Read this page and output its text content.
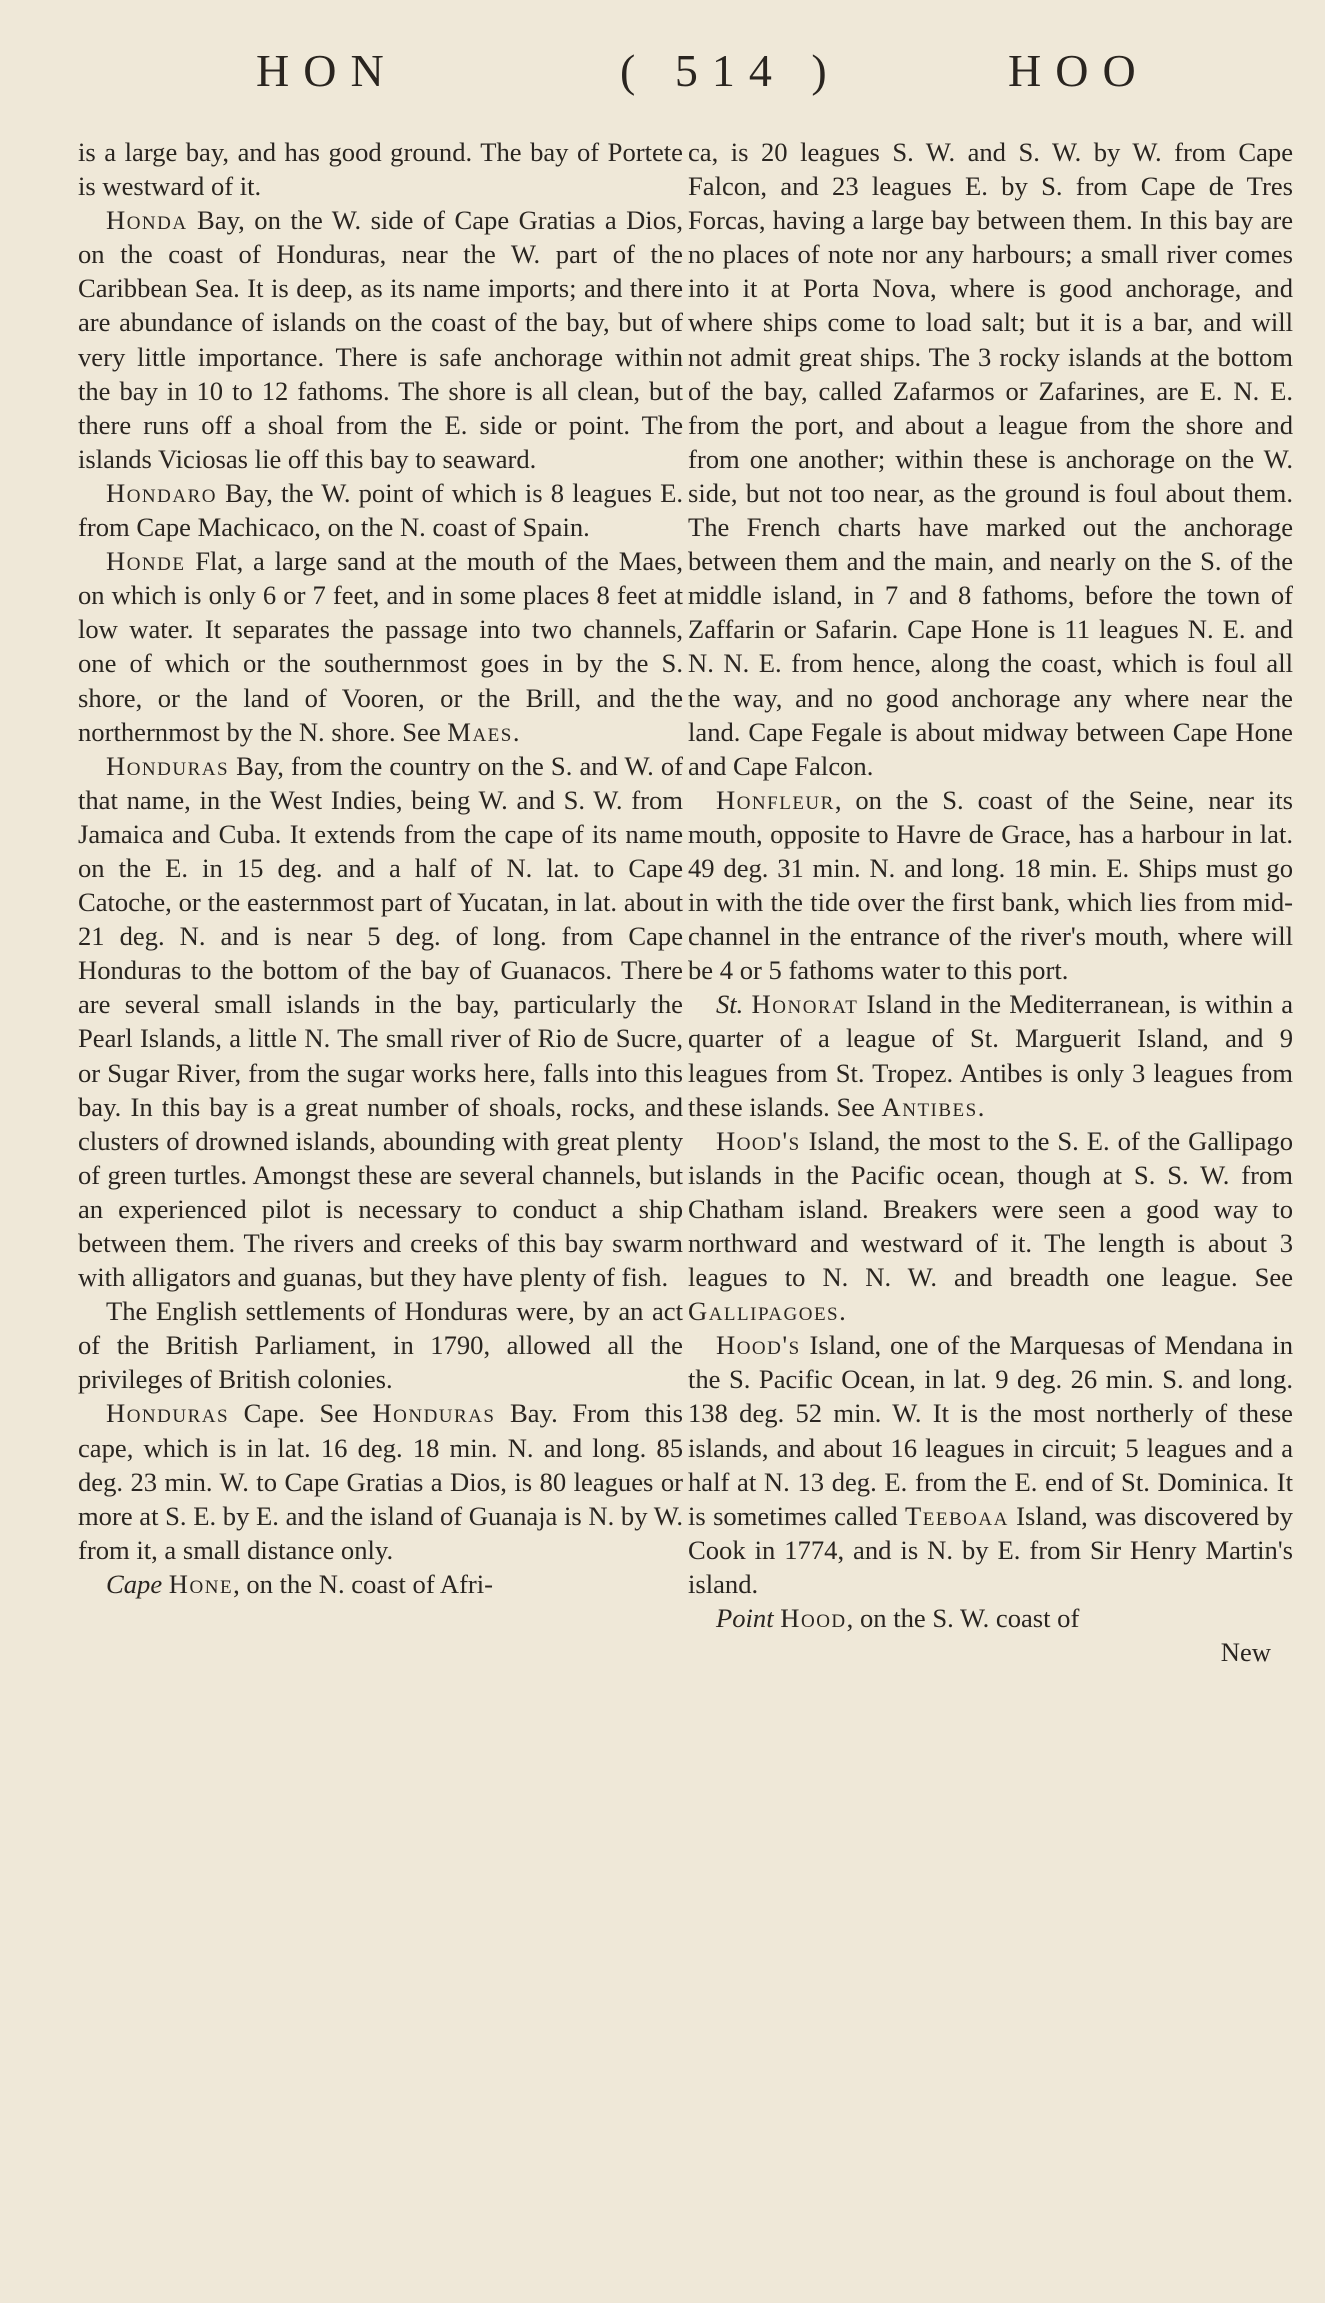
HON	( 514 )	HOO

is a large bay, and has good ground. The bay of Portete is westward of it.

Honda Bay, on the W. side of Cape Gratias a Dios, on the coast of Honduras, near the W. part of the Caribbean Sea. It is deep, as its name imports; and there are abundance of islands on the coast of the bay, but of very little importance. There is safe anchorage within the bay in 10 to 12 fathoms. The shore is all clean, but there runs off a shoal from the E. side or point. The islands Viciosas lie off this bay to seaward.

Hondaro Bay, the W. point of which is 8 leagues E. from Cape Machicaco, on the N. coast of Spain.

Honde Flat, a large sand at the mouth of the Maes, on which is only 6 or 7 feet, and in some places 8 feet at low water. It separates the passage into two channels, one of which or the southernmost goes in by the S. shore, or the land of Vooren, or the Brill, and the northernmost by the N. shore. See Maes.

Honduras Bay, from the country on the S. and W. of that name, in the West Indies, being W. and S. W. from Jamaica and Cuba. It extends from the cape of its name on the E. in 15 deg. and a half of N. lat. to Cape Catoche, or the easternmost part of Yucatan, in lat. about 21 deg. N. and is near 5 deg. of long. from Cape Honduras to the bottom of the bay of Guanacos. There are several small islands in the bay, particularly the Pearl Islands, a little N. The small river of Rio de Sucre, or Sugar River, from the sugar works here, falls into this bay. In this bay is a great number of shoals, rocks, and clusters of drowned islands, abounding with great plenty of green turtles. Amongst these are several channels, but an experienced pilot is necessary to conduct a ship between them. The rivers and creeks of this bay swarm with alligators and guanas, but they have plenty of fish.

The English settlements of Honduras were, by an act of the British Parliament, in 1790, allowed all the privileges of British colonies.

Honduras Cape. See Honduras Bay. From this cape, which is in lat. 16 deg. 18 min. N. and long. 85 deg. 23 min. W. to Cape Gratias a Dios, is 80 leagues or more at S. E. by E. and the island of Guanaja is N. by W. from it, a small distance only.

Cape Hone, on the N. coast of Afri-

ca, is 20 leagues S. W. and S. W. by W. from Cape Falcon, and 23 leagues E. by S. from Cape de Tres Forcas, having a large bay between them. In this bay are no places of note nor any harbours; a small river comes into it at Porta Nova, where is good anchorage, and where ships come to load salt; but it is a bar, and will not admit great ships. The 3 rocky islands at the bottom of the bay, called Zafarmos or Zafarines, are E. N. E. from the port, and about a league from the shore and from one another; within these is anchorage on the W. side, but not too near, as the ground is foul about them. The French charts have marked out the anchorage between them and the main, and nearly on the S. of the middle island, in 7 and 8 fathoms, before the town of Zaffarin or Safarin. Cape Hone is 11 leagues N. E. and N. N. E. from hence, along the coast, which is foul all the way, and no good anchorage any where near the land. Cape Fegale is about midway between Cape Hone and Cape Falcon.

Honfleur, on the S. coast of the Seine, near its mouth, opposite to Havre de Grace, has a harbour in lat. 49 deg. 31 min. N. and long. 18 min. E. Ships must go in with the tide over the first bank, which lies from mid-channel in the entrance of the river's mouth, where will be 4 or 5 fathoms water to this port.

St. Honorat Island in the Mediterranean, is within a quarter of a league of St. Marguerit Island, and 9 leagues from St. Tropez. Antibes is only 3 leagues from these islands. See Antibes.

Hood's Island, the most to the S. E. of the Gallipago islands in the Pacific ocean, though at S. S. W. from Chatham island. Breakers were seen a good way to northward and westward of it. The length is about 3 leagues to N. N. W. and breadth one league. See Gallipagoes.

Hood's Island, one of the Marquesas of Mendana in the S. Pacific Ocean, in lat. 9 deg. 26 min. S. and long. 138 deg. 52 min. W. It is the most northerly of these islands, and about 16 leagues in circuit; 5 leagues and a half at N. 13 deg. E. from the E. end of St. Dominica. It is sometimes called Teeboaa Island, was discovered by Cook in 1774, and is N. by E. from Sir Henry Martin's island.

Point Hood, on the S. W. coast of

New
